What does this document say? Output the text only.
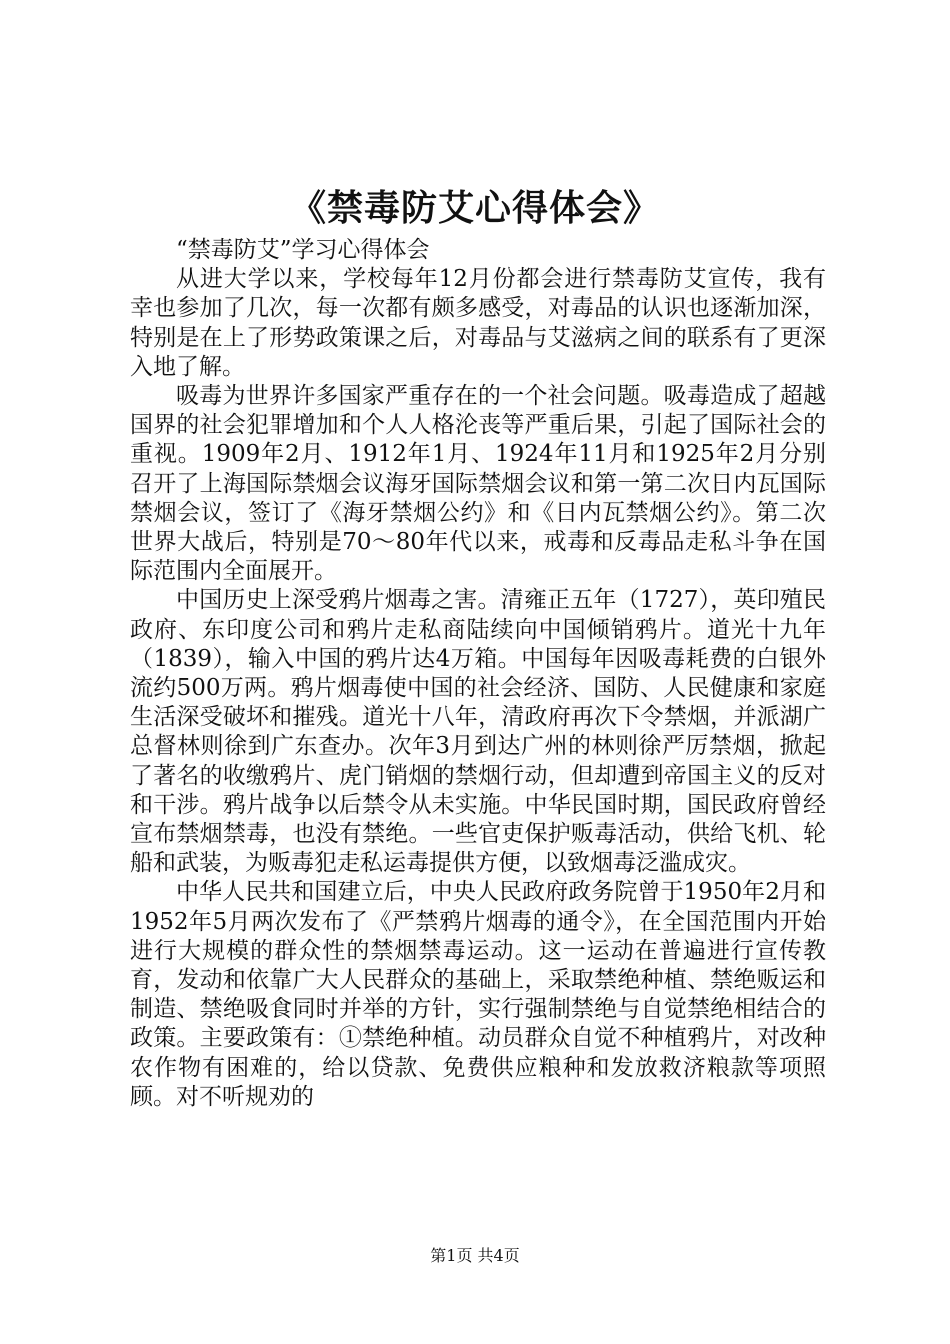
《禁毒防艾心得体会》

“禁毒防艾”学习心得体会

从进大学以来，学校每年12月份都会进行禁毒防艾宣传，我有幸也参加了几次，每一次都有颇多感受，对毒品的认识也逐渐加深，特别是在上了形势政策课之后，对毒品与艾滋病之间的联系有了更深入地了解。

吸毒为世界许多国家严重存在的一个社会问题。吸毒造成了超越国界的社会犯罪增加和个人人格沦丧等严重后果，引起了国际社会的重视。1909年2月、1912年1月、1924年11月和1925年2月分别召开了上海国际禁烟会议海牙国际禁烟会议和第一第二次日内瓦国际禁烟会议，签订了《海牙禁烟公约》和《日内瓦禁烟公约》。第二次世界大战后，特别是70～80年代以来，戒毒和反毒品走私斗争在国际范围内全面展开。

中国历史上深受鸦片烟毒之害。清雍正五年（1727），英印殖民政府、东印度公司和鸦片走私商陆续向中国倾销鸦片。道光十九年（1839），输入中国的鸦片达4万箱。中国每年因吸毒耗费的白银外流约500万两。鸦片烟毒使中国的社会经济、国防、人民健康和家庭生活深受破坏和摧残。道光十八年，清政府再次下令禁烟，并派湖广总督林则徐到广东查办。次年3月到达广州的林则徐严厉禁烟，掀起了著名的收缴鸦片、虎门销烟的禁烟行动，但却遭到帝国主义的反对和干涉。鸦片战争以后禁令从未实施。中华民国时期，国民政府曾经宣布禁烟禁毒，也没有禁绝。一些官吏保护贩毒活动，供给飞机、轮船和武装，为贩毒犯走私运毒提供方便，以致烟毒泛滥成灾。

中华人民共和国建立后，中央人民政府政务院曾于1950年2月和1952年5月两次发布了《严禁鸦片烟毒的通令》，在全国范围内开始进行大规模的群众性的禁烟禁毒运动。这一运动在普遍进行宣传教育，发动和依靠广大人民群众的基础上，采取禁绝种植、禁绝贩运和制造、禁绝吸食同时并举的方针，实行强制禁绝与自觉禁绝相结合的政策。主要政策有：①禁绝种植。动员群众自觉不种植鸦片，对改种农作物有困难的，给以贷款、免费供应粮种和发放救济粮款等项照顾。对不听规劝的

第1页 共4页
